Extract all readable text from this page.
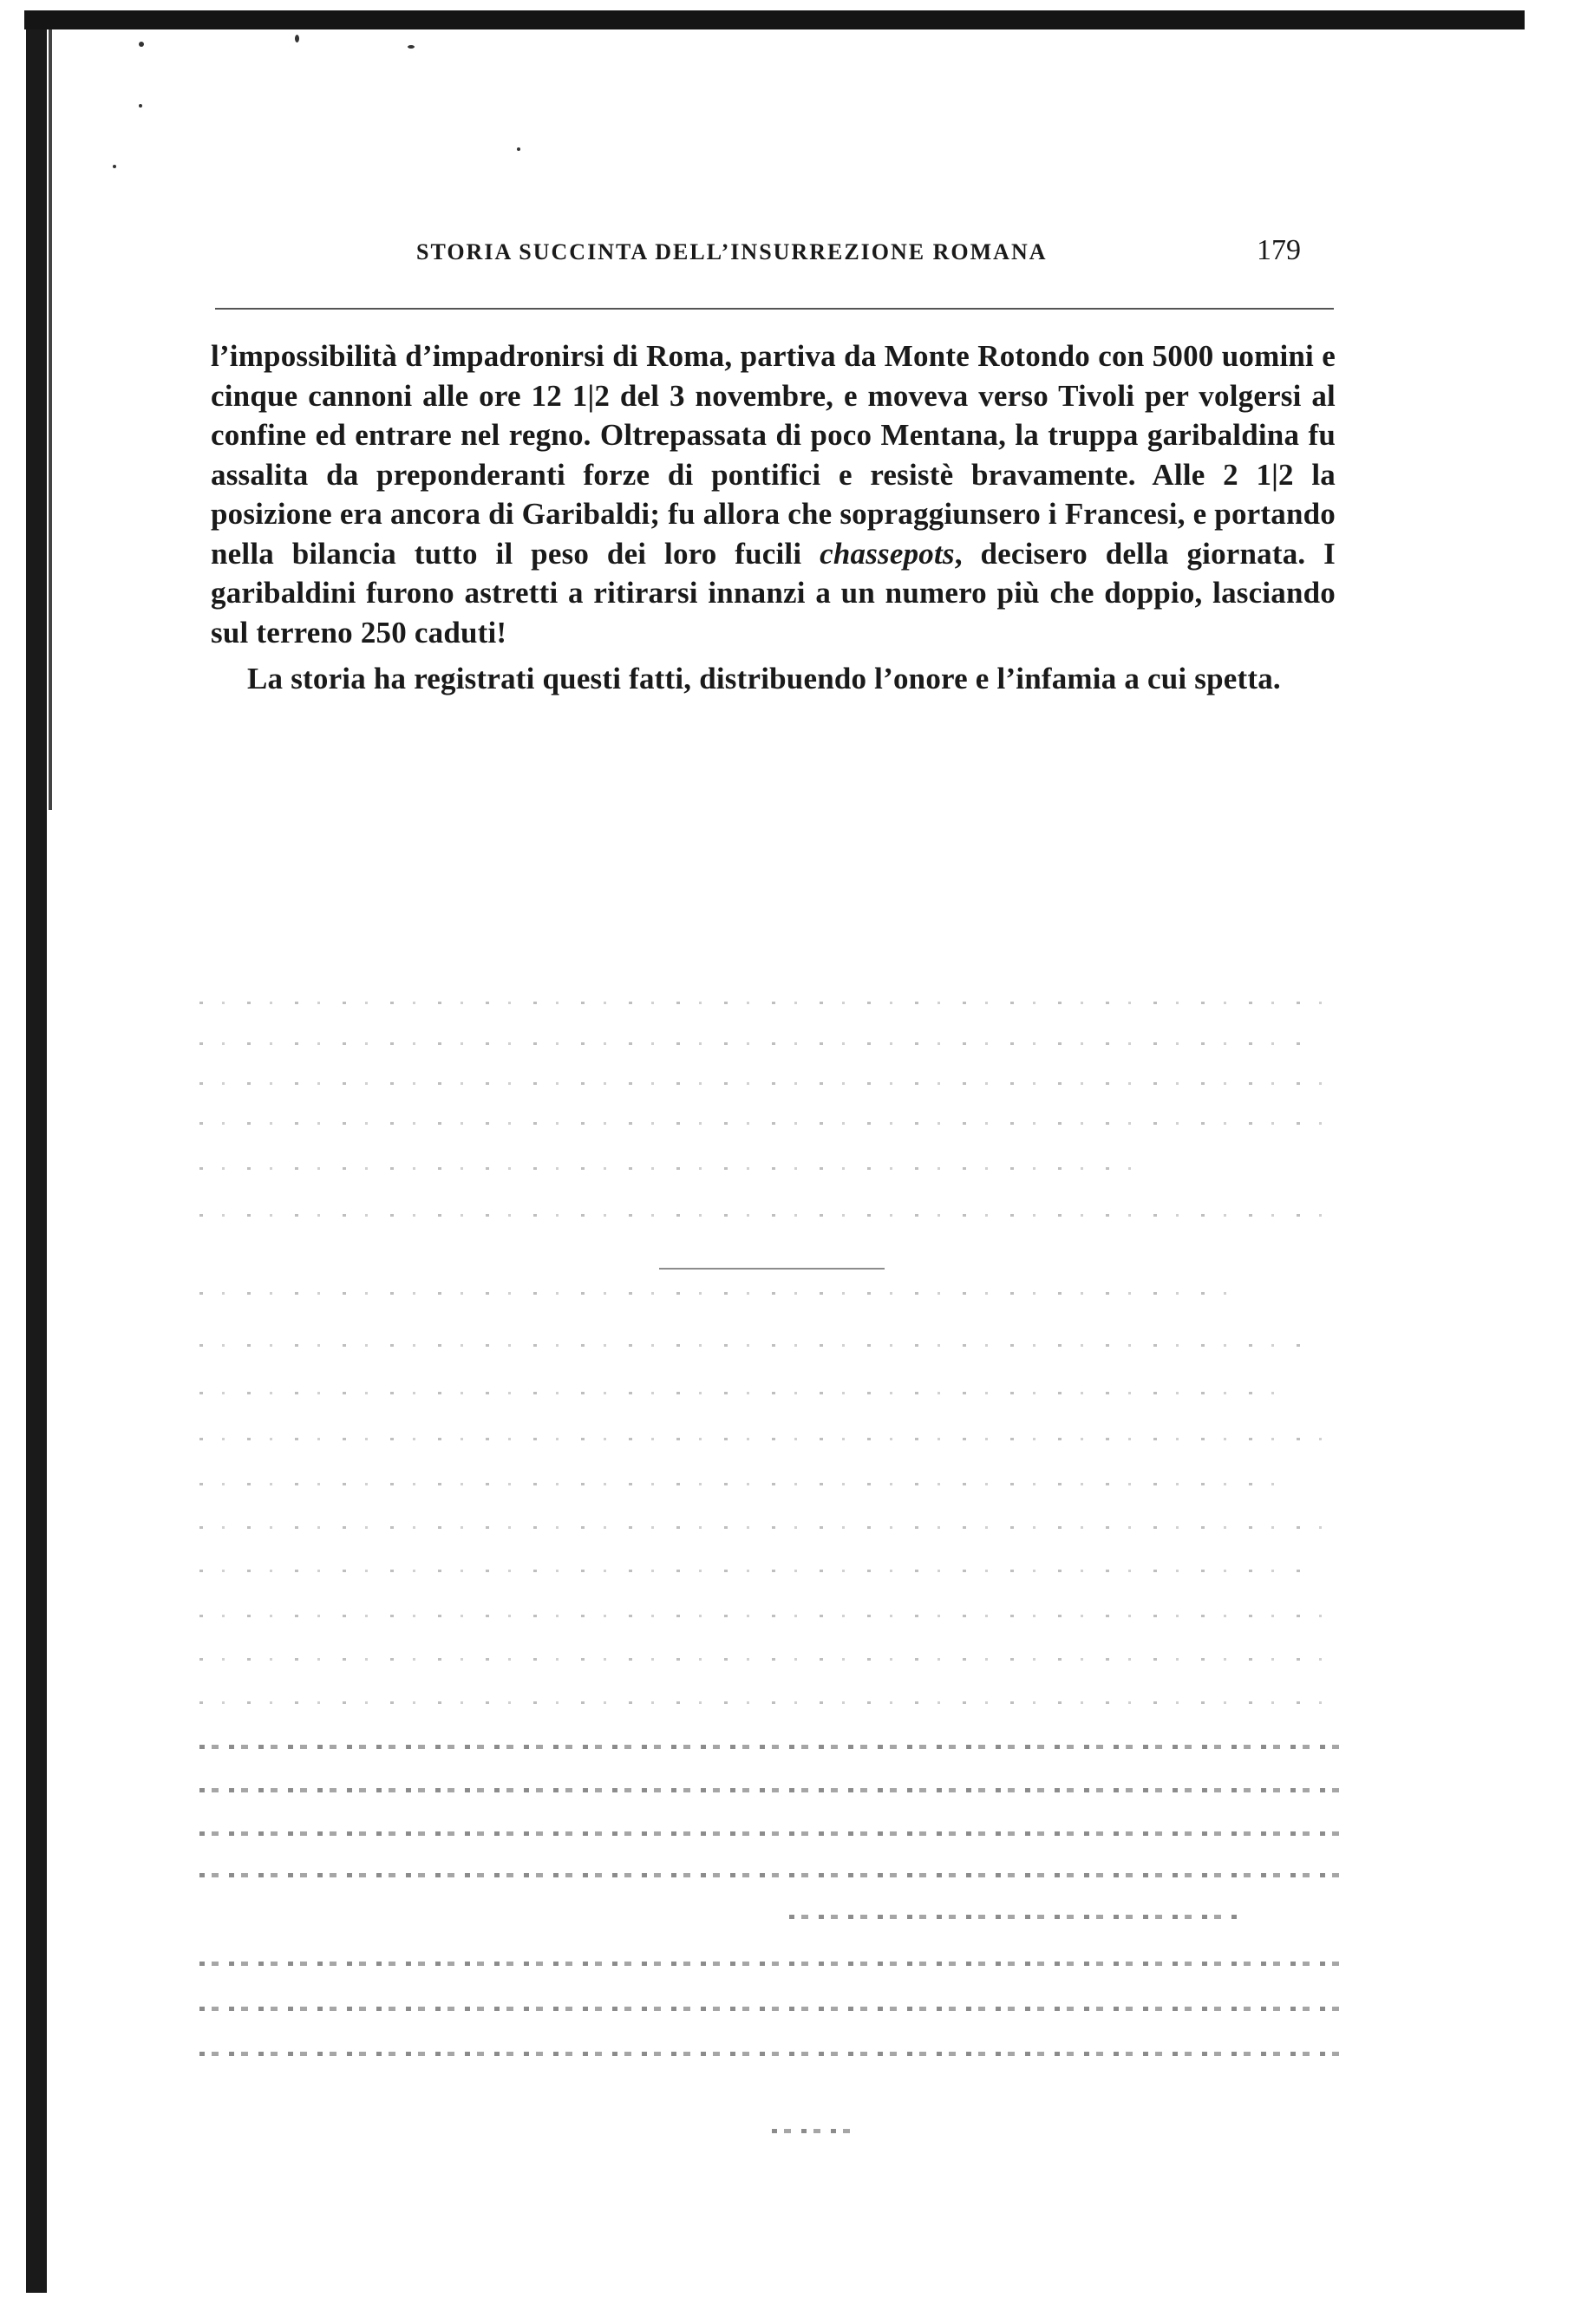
STORIA SUCCINTA DELL’INSURREZIONE ROMANA	179

l’impossibilità d’impadronirsi di Roma, partiva da Monte Rotondo con 5000 uomini e cinque cannoni alle ore 12 1|2 del 3 novembre, e moveva verso Tivoli per volgersi al confine ed entrare nel regno. Oltrepassata di poco Mentana, la truppa garibaldina fu assalita da preponderanti forze di pontifici e resistè bravamente. Alle 2 1|2 la posizione era ancora di Garibaldi; fu allora che sopraggiunsero i Francesi, e portando nella bilancia tutto il peso dei loro fucili chassepots, decisero della giornata. I garibaldini furono astretti a ritirarsi innanzi a un numero più che doppio, lasciando sul terreno 250 caduti!

La storia ha registrati questi fatti, distribuendo l’onore e l’infamia a cui spetta.
